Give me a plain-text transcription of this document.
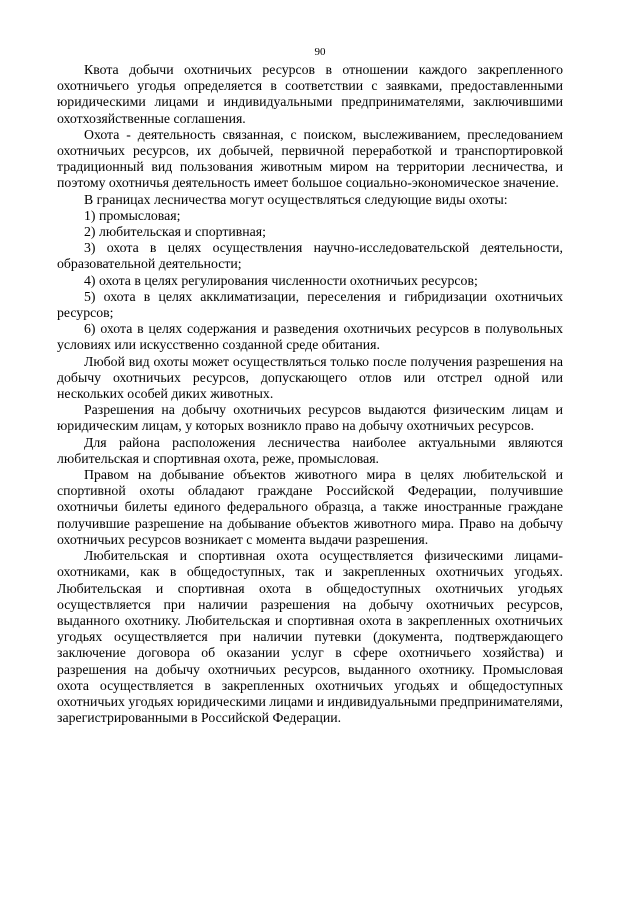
90

Квота добычи охотничьих ресурсов в отношении каждого закрепленного охотничьего угодья определяется в соответствии с заявками, предоставленными юридическими лицами и индивидуальными предпринимателями, заключившими охотхозяйственные соглашения.

Охота - деятельность связанная, с поиском, выслеживанием, преследованием охотничьих ресурсов, их добычей, первичной переработкой и транспортировкой традиционный вид пользования животным миром на территории лесничества, и поэтому охотничья деятельность имеет большое социально-экономическое значение.

В границах лесничества могут осуществляться следующие виды охоты:

1) промысловая;

2) любительская и спортивная;

3) охота в целях осуществления научно-исследовательской деятельности, образовательной деятельности;

4) охота в целях регулирования численности охотничьих ресурсов;

5) охота в целях акклиматизации, переселения и гибридизации охотничьих ресурсов;

6) охота в целях содержания и разведения охотничьих ресурсов в полувольных условиях или искусственно созданной среде обитания.

Любой вид охоты может осуществляться только после получения разрешения на добычу охотничьих ресурсов, допускающего отлов или отстрел одной или нескольких особей диких животных.

Разрешения на добычу охотничьих ресурсов выдаются физическим лицам и юридическим лицам, у которых возникло право на добычу охотничьих ресурсов.

Для района расположения лесничества наиболее актуальными являются любительская и спортивная охота, реже, промысловая.

Правом на добывание объектов животного мира в целях любительской и спортивной охоты обладают граждане Российской Федерации, получившие охотничьи билеты единого федерального образца, а также иностранные граждане получившие разрешение на добывание объектов животного мира. Право на добычу охотничьих ресурсов возникает с момента выдачи разрешения.

Любительская и спортивная охота осуществляется физическими лицами-охотниками, как в общедоступных, так и закрепленных охотничьих угодьях. Любительская и спортивная охота в общедоступных охотничьих угодьях осуществляется при наличии разрешения на добычу охотничьих ресурсов, выданного охотнику. Любительская и спортивная охота в закрепленных охотничьих угодьях осуществляется при наличии путевки (документа, подтверждающего заключение договора об оказании услуг в сфере охотничьего хозяйства) и разрешения на добычу охотничьих ресурсов, выданного охотнику. Промысловая охота осуществляется в закрепленных охотничьих угодьях и общедоступных охотничьих угодьях юридическими лицами и индивидуальными предпринимателями, зарегистрированными в Российской Федерации.
